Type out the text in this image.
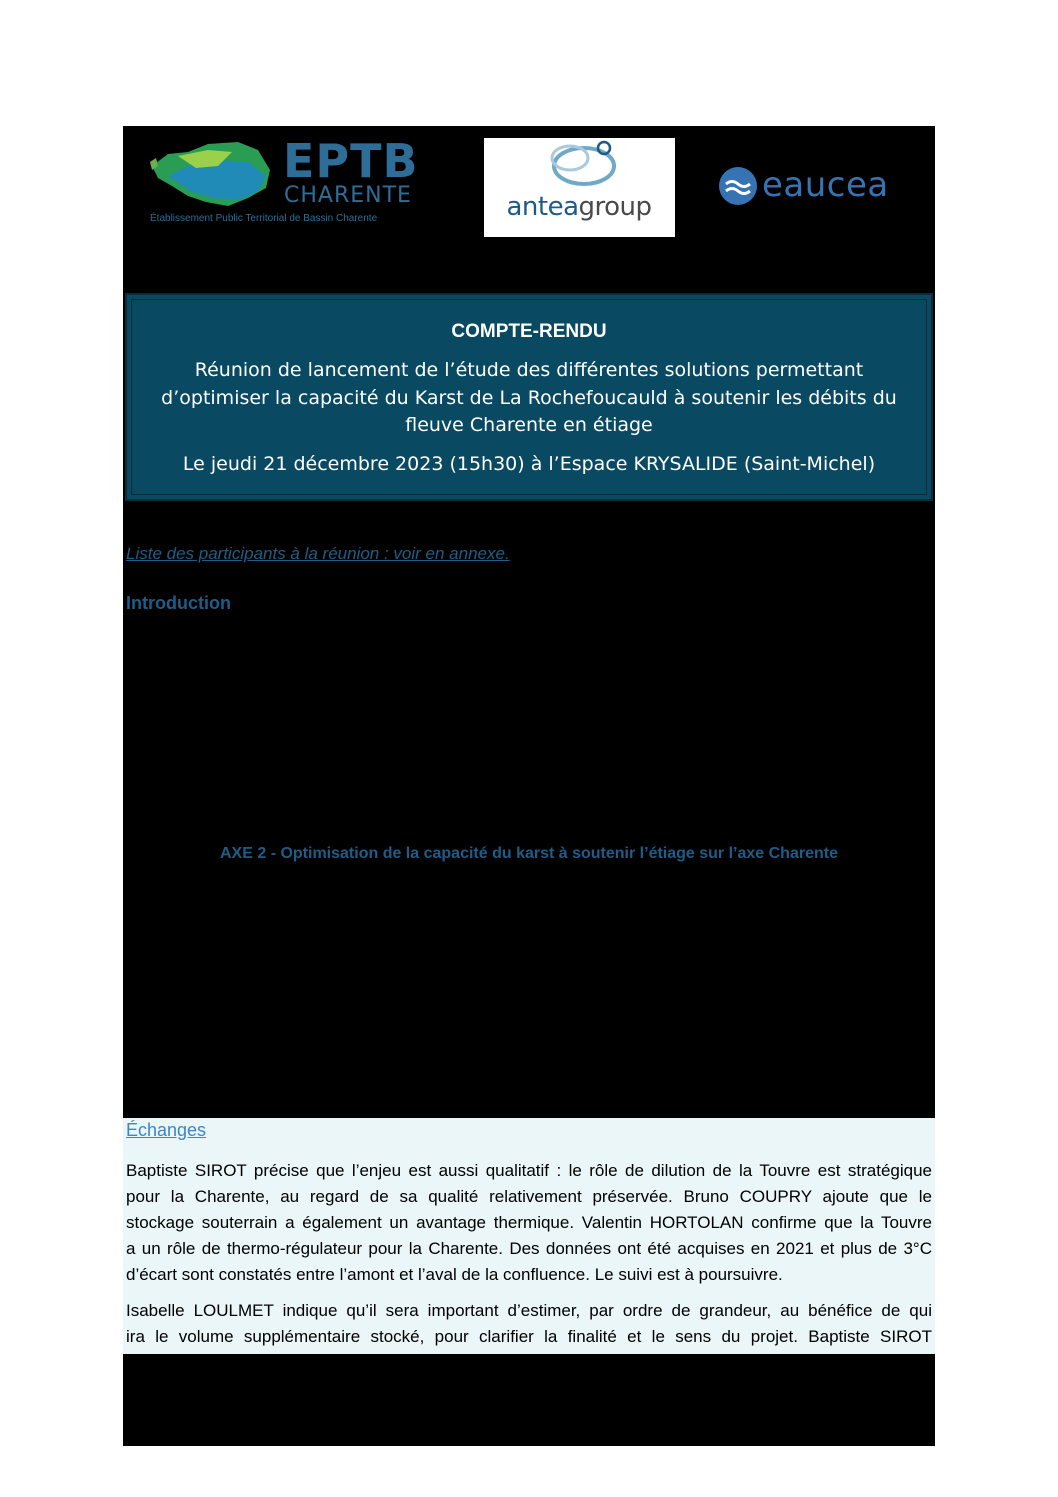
EPTB
CHARENTE
Établissement Public Territorial de Bassin Charente	anteagroup
eaucea
COMPTE-RENDU
Réunion de lancement de l’étude des différentes solutions permettant
d’optimiser la capacité du Karst de La Rochefoucauld à soutenir les débits du
fleuve Charente en étiage
Le jeudi 21 décembre 2023 (15h30) à l’Espace KRYSALIDE (Saint-Michel)
Liste des participants à la réunion : voir en annexe.
Introduction
AXE 2 - Optimisation de la capacité du karst à soutenir l’étiage sur l’axe Charente
Échanges
Baptiste SIROT précise que l’enjeu est aussi qualitatif : le rôle de dilution de la Touvre est stratégique
pour la Charente, au regard de sa qualité relativement préservée. Bruno COUPRY ajoute que le
stockage souterrain a également un avantage thermique. Valentin HORTOLAN confirme que la Touvre
a un rôle de thermo-régulateur pour la Charente. Des données ont été acquises en 2021 et plus de 3°C
d’écart sont constatés entre l’amont et l’aval de la confluence. Le suivi est à poursuivre.
Isabelle LOULMET indique qu’il sera important d’estimer, par ordre de grandeur, au bénéfice de qui
ira le volume supplémentaire stocké, pour clarifier la finalité et le sens du projet. Baptiste SIROT
